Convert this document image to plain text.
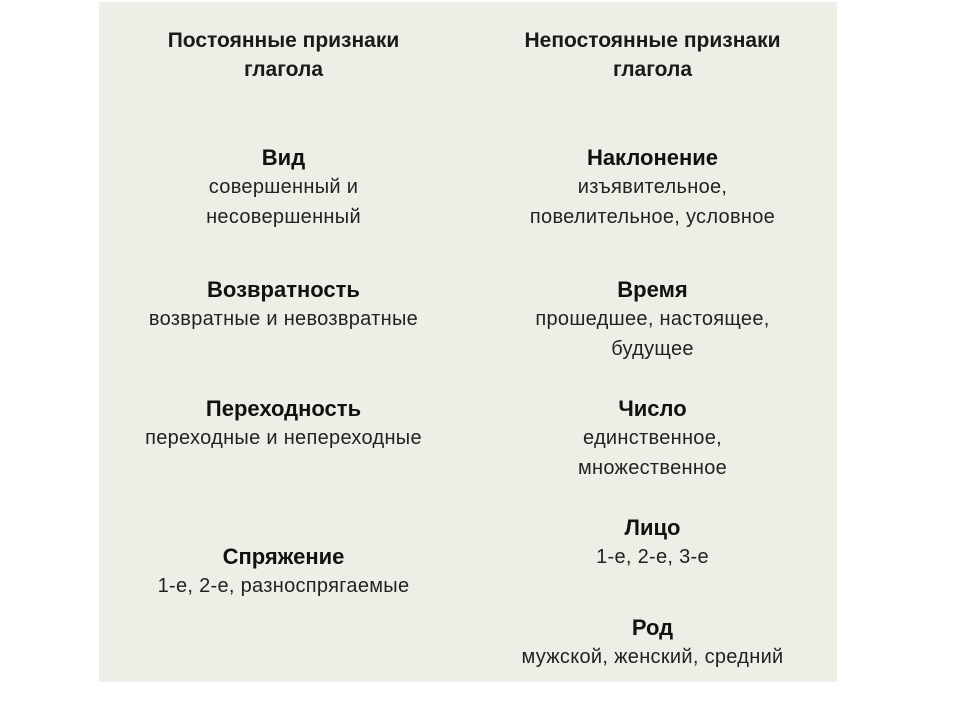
Постоянные признаки
глагола
Вид
совершенный и
несовершенный
Возвратность
возвратные и невозвратные
Переходность
переходные и непереходные
Спряжение
1-е, 2-е, разноспрягаемые
Непостоянные признаки
глагола
Наклонение
изъявительное,
повелительное, условное
Время
прошедшее, настоящее,
будущее
Число
единственное,
множественное
Лицо
1-е, 2-е, 3-е
Род
мужской, женский, средний
